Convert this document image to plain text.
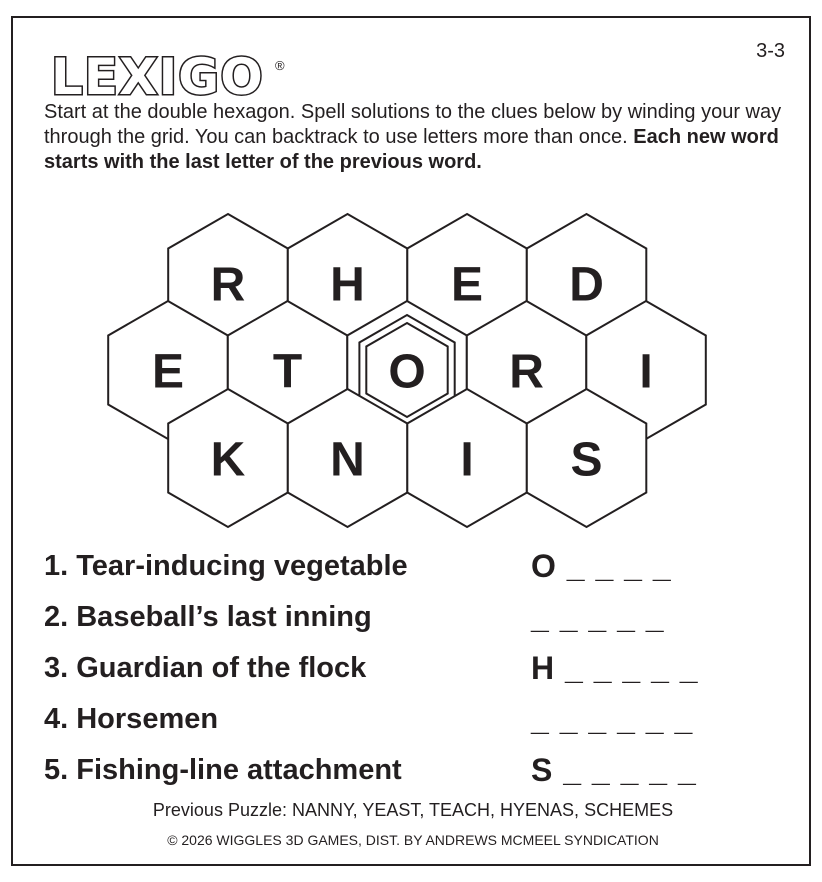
LEXIGO ®
3-3

Start at the double hexagon. Spell solutions to the clues below by winding your way through the grid. You can backtrack to use letters more than once. Each new word starts with the last letter of the previous word.

R H E D
E T O R I
K N I S
1. Tear-inducing vegetable	O _ _ _ _
2. Baseball’s last inning	_ _ _ _ _
3. Guardian of the flock	H _ _ _ _ _
4. Horsemen	_ _ _ _ _ _
5. Fishing-line attachment	S _ _ _ _ _
Previous Puzzle: NANNY, YEAST, TEACH, HYENAS, SCHEMES
© 2026 WIGGLES 3D GAMES, DIST. BY ANDREWS MCMEEL SYNDICATION
